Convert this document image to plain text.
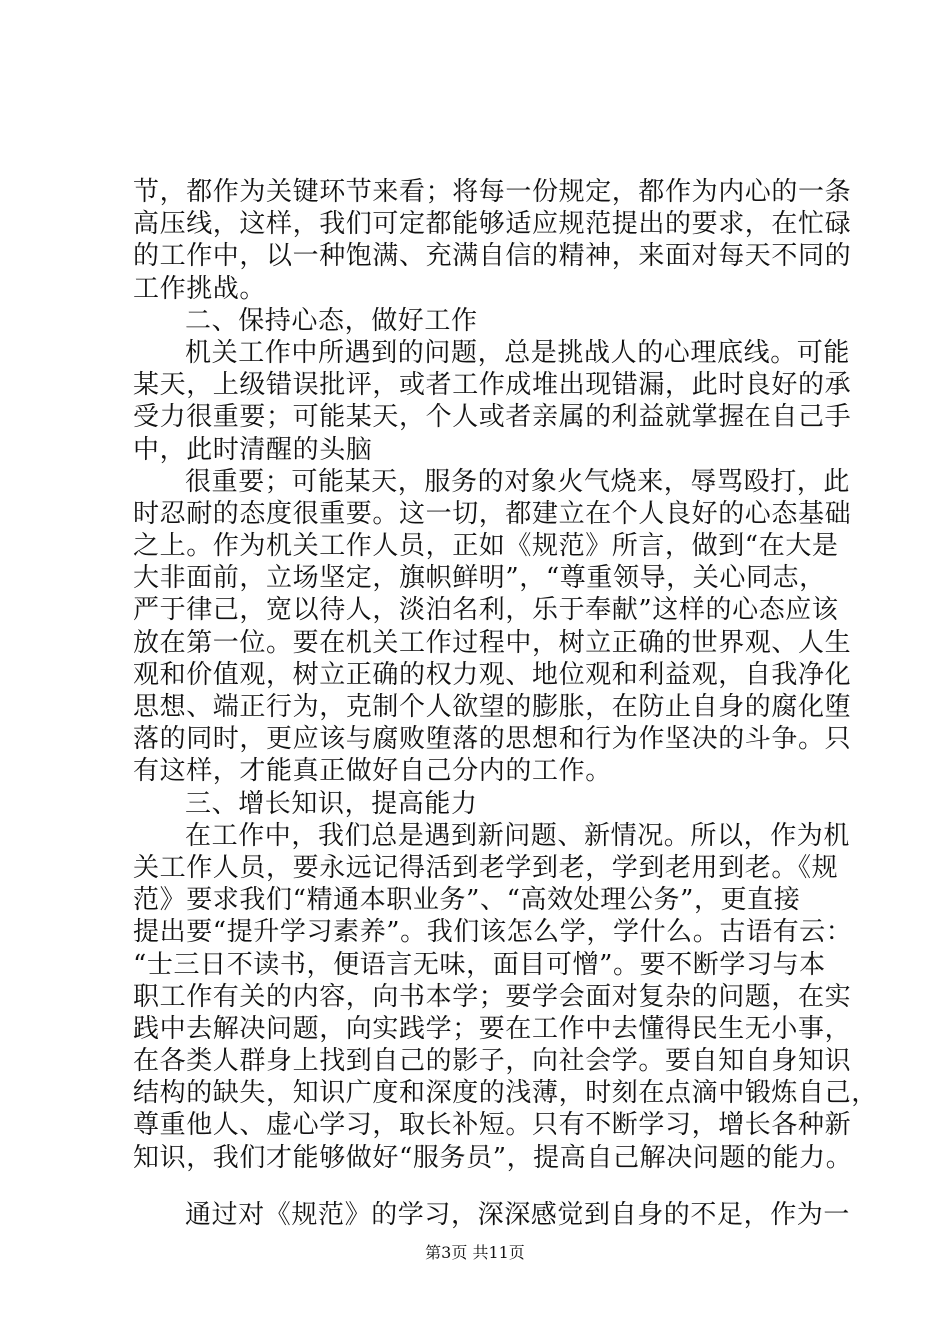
节，都作为关键环节来看；将每一份规定，都作为内心的一条
高压线，这样，我们可定都能够适应规范提出的要求，在忙碌
的工作中，以一种饱满、充满自信的精神，来面对每天不同的
工作挑战。
二、保持心态，做好工作
机关工作中所遇到的问题，总是挑战人的心理底线。可能
某天，上级错误批评，或者工作成堆出现错漏，此时良好的承
受力很重要；可能某天，个人或者亲属的利益就掌握在自己手
中，此时清醒的头脑
很重要；可能某天，服务的对象火气烧来，辱骂殴打，此
时忍耐的态度很重要。这一切，都建立在个人良好的心态基础
之上。作为机关工作人员，正如《规范》所言，做到“在大是
大非面前，立场坚定，旗帜鲜明”，“尊重领导，关心同志，
严于律己，宽以待人，淡泊名利，乐于奉献”这样的心态应该
放在第一位。要在机关工作过程中，树立正确的世界观、人生
观和价值观，树立正确的权力观、地位观和利益观，自我净化
思想、端正行为，克制个人欲望的膨胀，在防止自身的腐化堕
落的同时，更应该与腐败堕落的思想和行为作坚决的斗争。只
有这样，才能真正做好自己分内的工作。
三、增长知识，提高能力
在工作中，我们总是遇到新问题、新情况。所以，作为机
关工作人员，要永远记得活到老学到老，学到老用到老。《规
范》要求我们“精通本职业务”、“高效处理公务”，更直接
提出要“提升学习素养”。我们该怎么学，学什么。古语有云：
“士三日不读书，便语言无味，面目可憎”。要不断学习与本
职工作有关的内容，向书本学；要学会面对复杂的问题，在实
践中去解决问题，向实践学；要在工作中去懂得民生无小事，
在各类人群身上找到自己的影子，向社会学。要自知自身知识
结构的缺失，知识广度和深度的浅薄，时刻在点滴中锻炼自己，
尊重他人、虚心学习，取长补短。只有不断学习，增长各种新
知识，我们才能够做好“服务员”，提高自己解决问题的能力。
通过对《规范》的学习，深深感觉到自身的不足，作为一
第3页 共11页
